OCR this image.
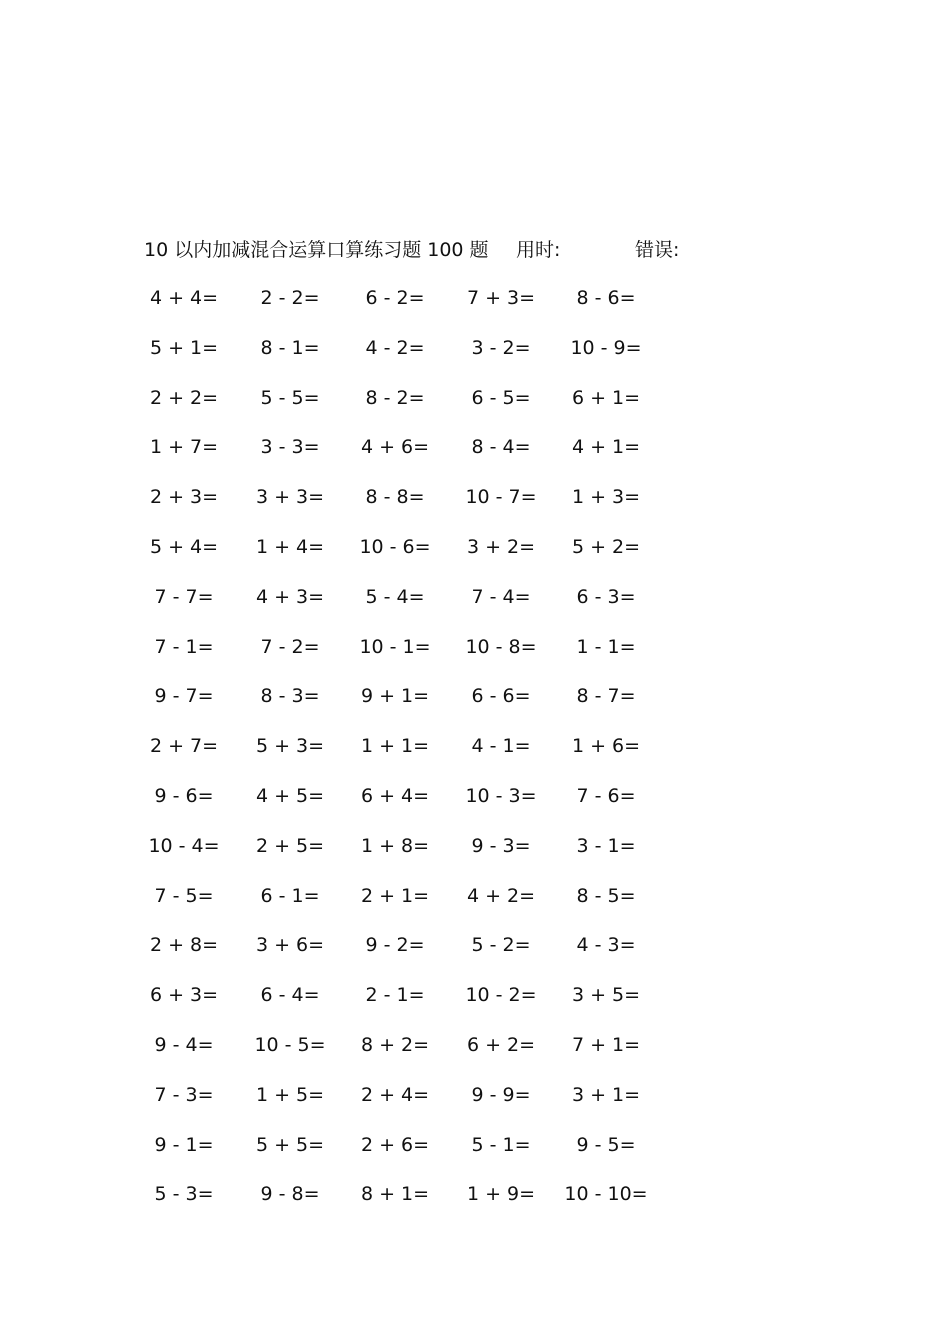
10 以内加减混合运算口算练习题 100 题 用时:	错误:
4 + 4=	2 - 2=	6 - 2=	7 + 3=	8 - 6=
5 + 1=	8 - 1=	4 - 2=	3 - 2=	10 - 9=
2 + 2=	5 - 5=	8 - 2=	6 - 5=	6 + 1=
1 + 7=	3 - 3=	4 + 6=	8 - 4=	4 + 1=
2 + 3=	3 + 3=	8 - 8=	10 - 7=	1 + 3=
5 + 4=	1 + 4=	10 - 6=	3 + 2=	5 + 2=
7 - 7=	4 + 3=	5 - 4=	7 - 4=	6 - 3=
7 - 1=	7 - 2=	10 - 1=	10 - 8=	1 - 1=
9 - 7=	8 - 3=	9 + 1=	6 - 6=	8 - 7=
2 + 7=	5 + 3=	1 + 1=	4 - 1=	1 + 6=
9 - 6=	4 + 5=	6 + 4=	10 - 3=	7 - 6=
10 - 4=	2 + 5=	1 + 8=	9 - 3=	3 - 1=
7 - 5=	6 - 1=	2 + 1=	4 + 2=	8 - 5=
2 + 8=	3 + 6=	9 - 2=	5 - 2=	4 - 3=
6 + 3=	6 - 4=	2 - 1=	10 - 2=	3 + 5=
9 - 4=	10 - 5=	8 + 2=	6 + 2=	7 + 1=
7 - 3=	1 + 5=	2 + 4=	9 - 9=	3 + 1=
9 - 1=	5 + 5=	2 + 6=	5 - 1=	9 - 5=
5 - 3=	9 - 8=	8 + 1=	1 + 9=	10 - 10=
